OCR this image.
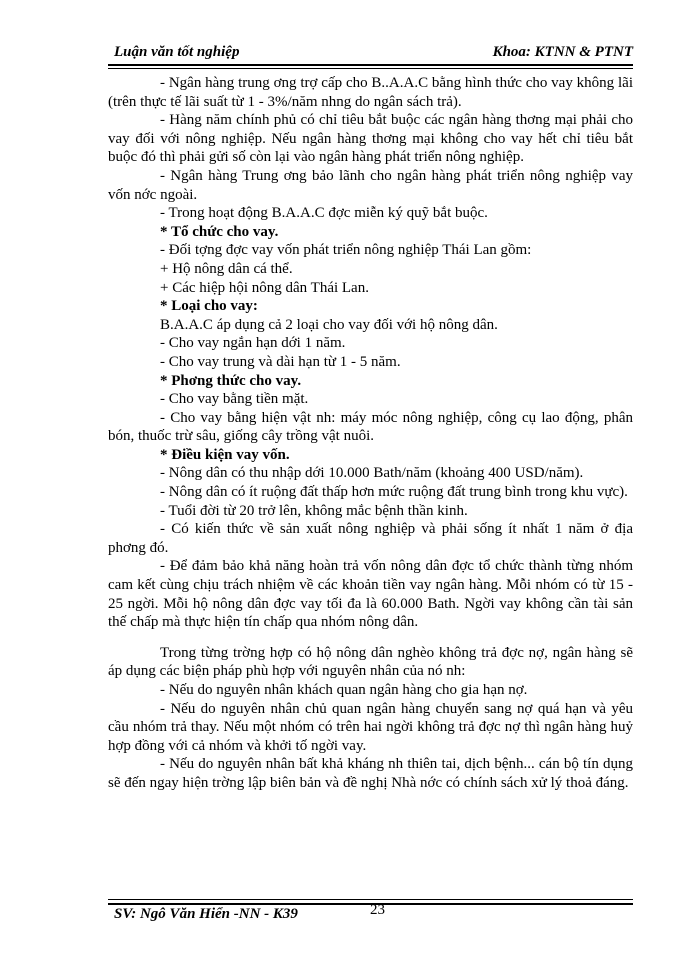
Luận văn tốt nghiệp	Khoa: KTNN & PTNT

- Ngân hàng trung ơng trợ cấp cho B..A.A.C bằng hình thức cho vay không lãi (trên thực tế lãi suất từ 1 - 3%/năm nhng do ngân sách trả).

- Hàng năm chính phủ có chỉ tiêu bắt buộc các ngân hàng thơng mại phải cho vay đối với nông nghiệp. Nếu ngân hàng thơng mại không cho vay hết chỉ tiêu bắt buộc đó thì phải gửi số còn lại vào ngân hàng phát triển nông nghiệp.

- Ngân hàng Trung ơng bảo lãnh cho ngân hàng phát triển nông nghiệp vay vốn nớc ngoài.

- Trong hoạt động B.A.A.C đợc miễn ký quỹ bắt buộc.

* Tổ chức cho vay.

- Đối tợng đợc vay vốn phát triển nông nghiệp Thái Lan gồm:

+ Hộ nông dân cá thể.

+ Các hiệp hội nông dân Thái Lan.

* Loại cho vay:

B.A.A.C áp dụng cả 2 loại cho vay đối với hộ nông dân.

- Cho vay ngắn hạn dới 1 năm.

- Cho vay trung và dài hạn từ 1 - 5 năm.

* Phơng thức cho vay.

- Cho vay bằng tiền mặt.

- Cho vay bằng hiện vật nh: máy móc nông nghiệp, công cụ lao động, phân bón, thuốc trừ sâu, giống cây trồng vật nuôi.

* Điều kiện vay vốn.

- Nông dân có thu nhập dới 10.000 Bath/năm (khoảng 400 USD/năm).

- Nông dân có ít ruộng đất thấp hơn mức ruộng đất trung bình trong khu vực).

- Tuổi đời từ 20 trở lên, không mắc bệnh thần kinh.

- Có kiến thức về sản xuất nông nghiệp và phải sống ít nhất 1 năm ở địa phơng đó.

- Để đảm bảo khả năng hoàn trả vốn nông dân đợc tổ chức thành từng nhóm cam kết cùng chịu trách nhiệm về các khoản tiền vay ngân hàng. Mỗi nhóm có từ 15 - 25 ngời. Mỗi hộ nông dân đợc vay tối đa là 60.000 Bath. Ngời vay không cần tài sản thế chấp mà thực hiện tín chấp qua nhóm nông dân.

Trong từng trờng hợp có hộ nông dân nghèo không trả đợc nợ, ngân hàng sẽ áp dụng các biện pháp phù hợp với nguyên nhân của nó nh:

- Nếu do nguyên nhân khách quan ngân hàng cho gia hạn nợ.

- Nếu do nguyên nhân chủ quan ngân hàng chuyển sang nợ quá hạn và yêu cầu nhóm trả thay. Nếu một nhóm có trên hai ngời không trả đợc nợ thì ngân hàng huỷ hợp đồng với cả nhóm và khởi tố ngời vay.

- Nếu do nguyên nhân bất khả kháng nh thiên tai, dịch bệnh... cán bộ tín dụng sẽ đến ngay hiện trờng lập biên bản và đề nghị Nhà nớc có chính sách xử lý thoả đáng.

SV: Ngô Văn Hiển -NN - K39	23
